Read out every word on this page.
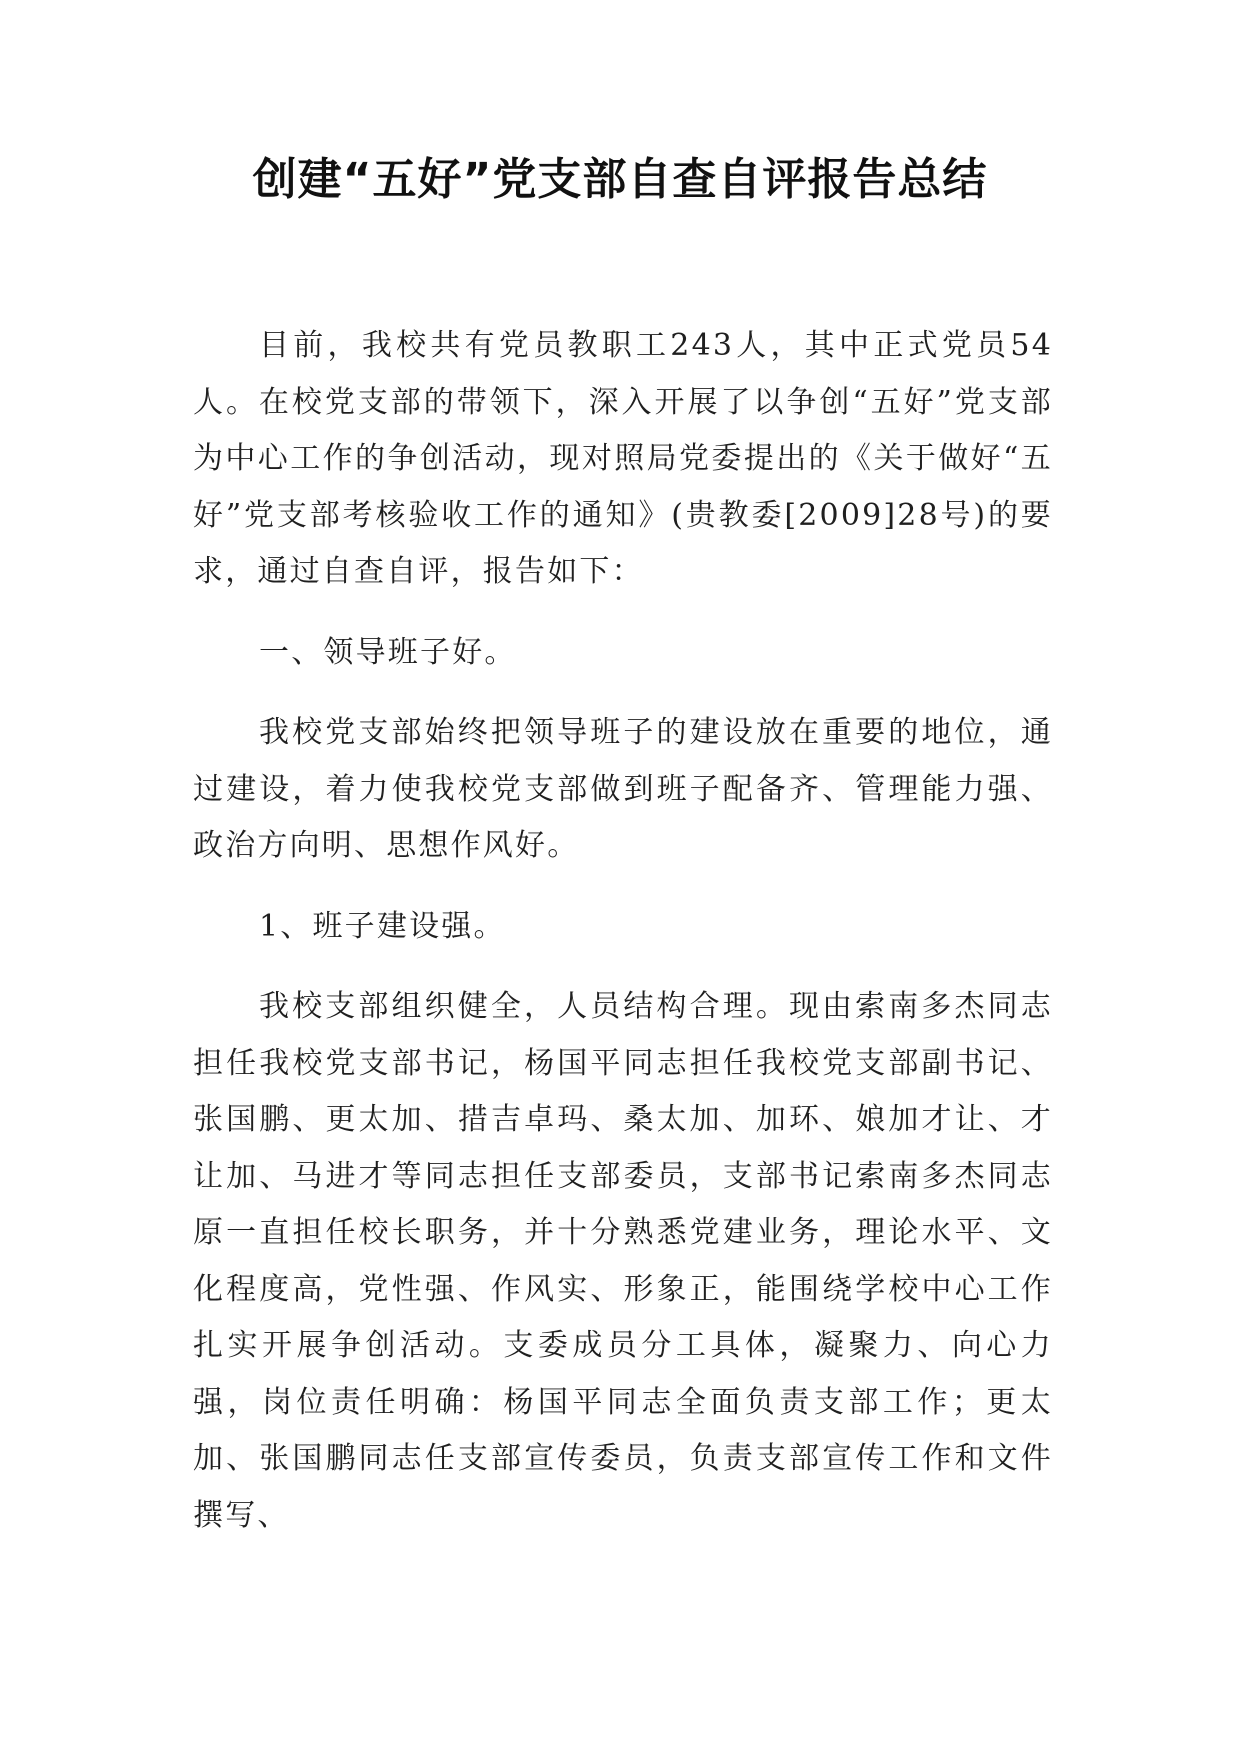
创建“五好”党支部自查自评报告总结

目前，我校共有党员教职工243人，其中正式党员54人。在校党支部的带领下，深入开展了以争创“五好”党支部为中心工作的争创活动，现对照局党委提出的《关于做好“五好”党支部考核验收工作的通知》(贵教委[2009]28号)的要求，通过自查自评，报告如下：

一、领导班子好。

我校党支部始终把领导班子的建设放在重要的地位，通过建设，着力使我校党支部做到班子配备齐、管理能力强、政治方向明、思想作风好。

1、班子建设强。

我校支部组织健全，人员结构合理。现由索南多杰同志担任我校党支部书记，杨国平同志担任我校党支部副书记、张国鹏、更太加、措吉卓玛、桑太加、加环、娘加才让、才让加、马进才等同志担任支部委员，支部书记索南多杰同志原一直担任校长职务，并十分熟悉党建业务，理论水平、文化程度高，党性强、作风实、形象正，能围绕学校中心工作扎实开展争创活动。支委成员分工具体，凝聚力、向心力强，岗位责任明确：杨国平同志全面负责支部工作；更太加、张国鹏同志任支部宣传委员，负责支部宣传工作和文件撰写、
